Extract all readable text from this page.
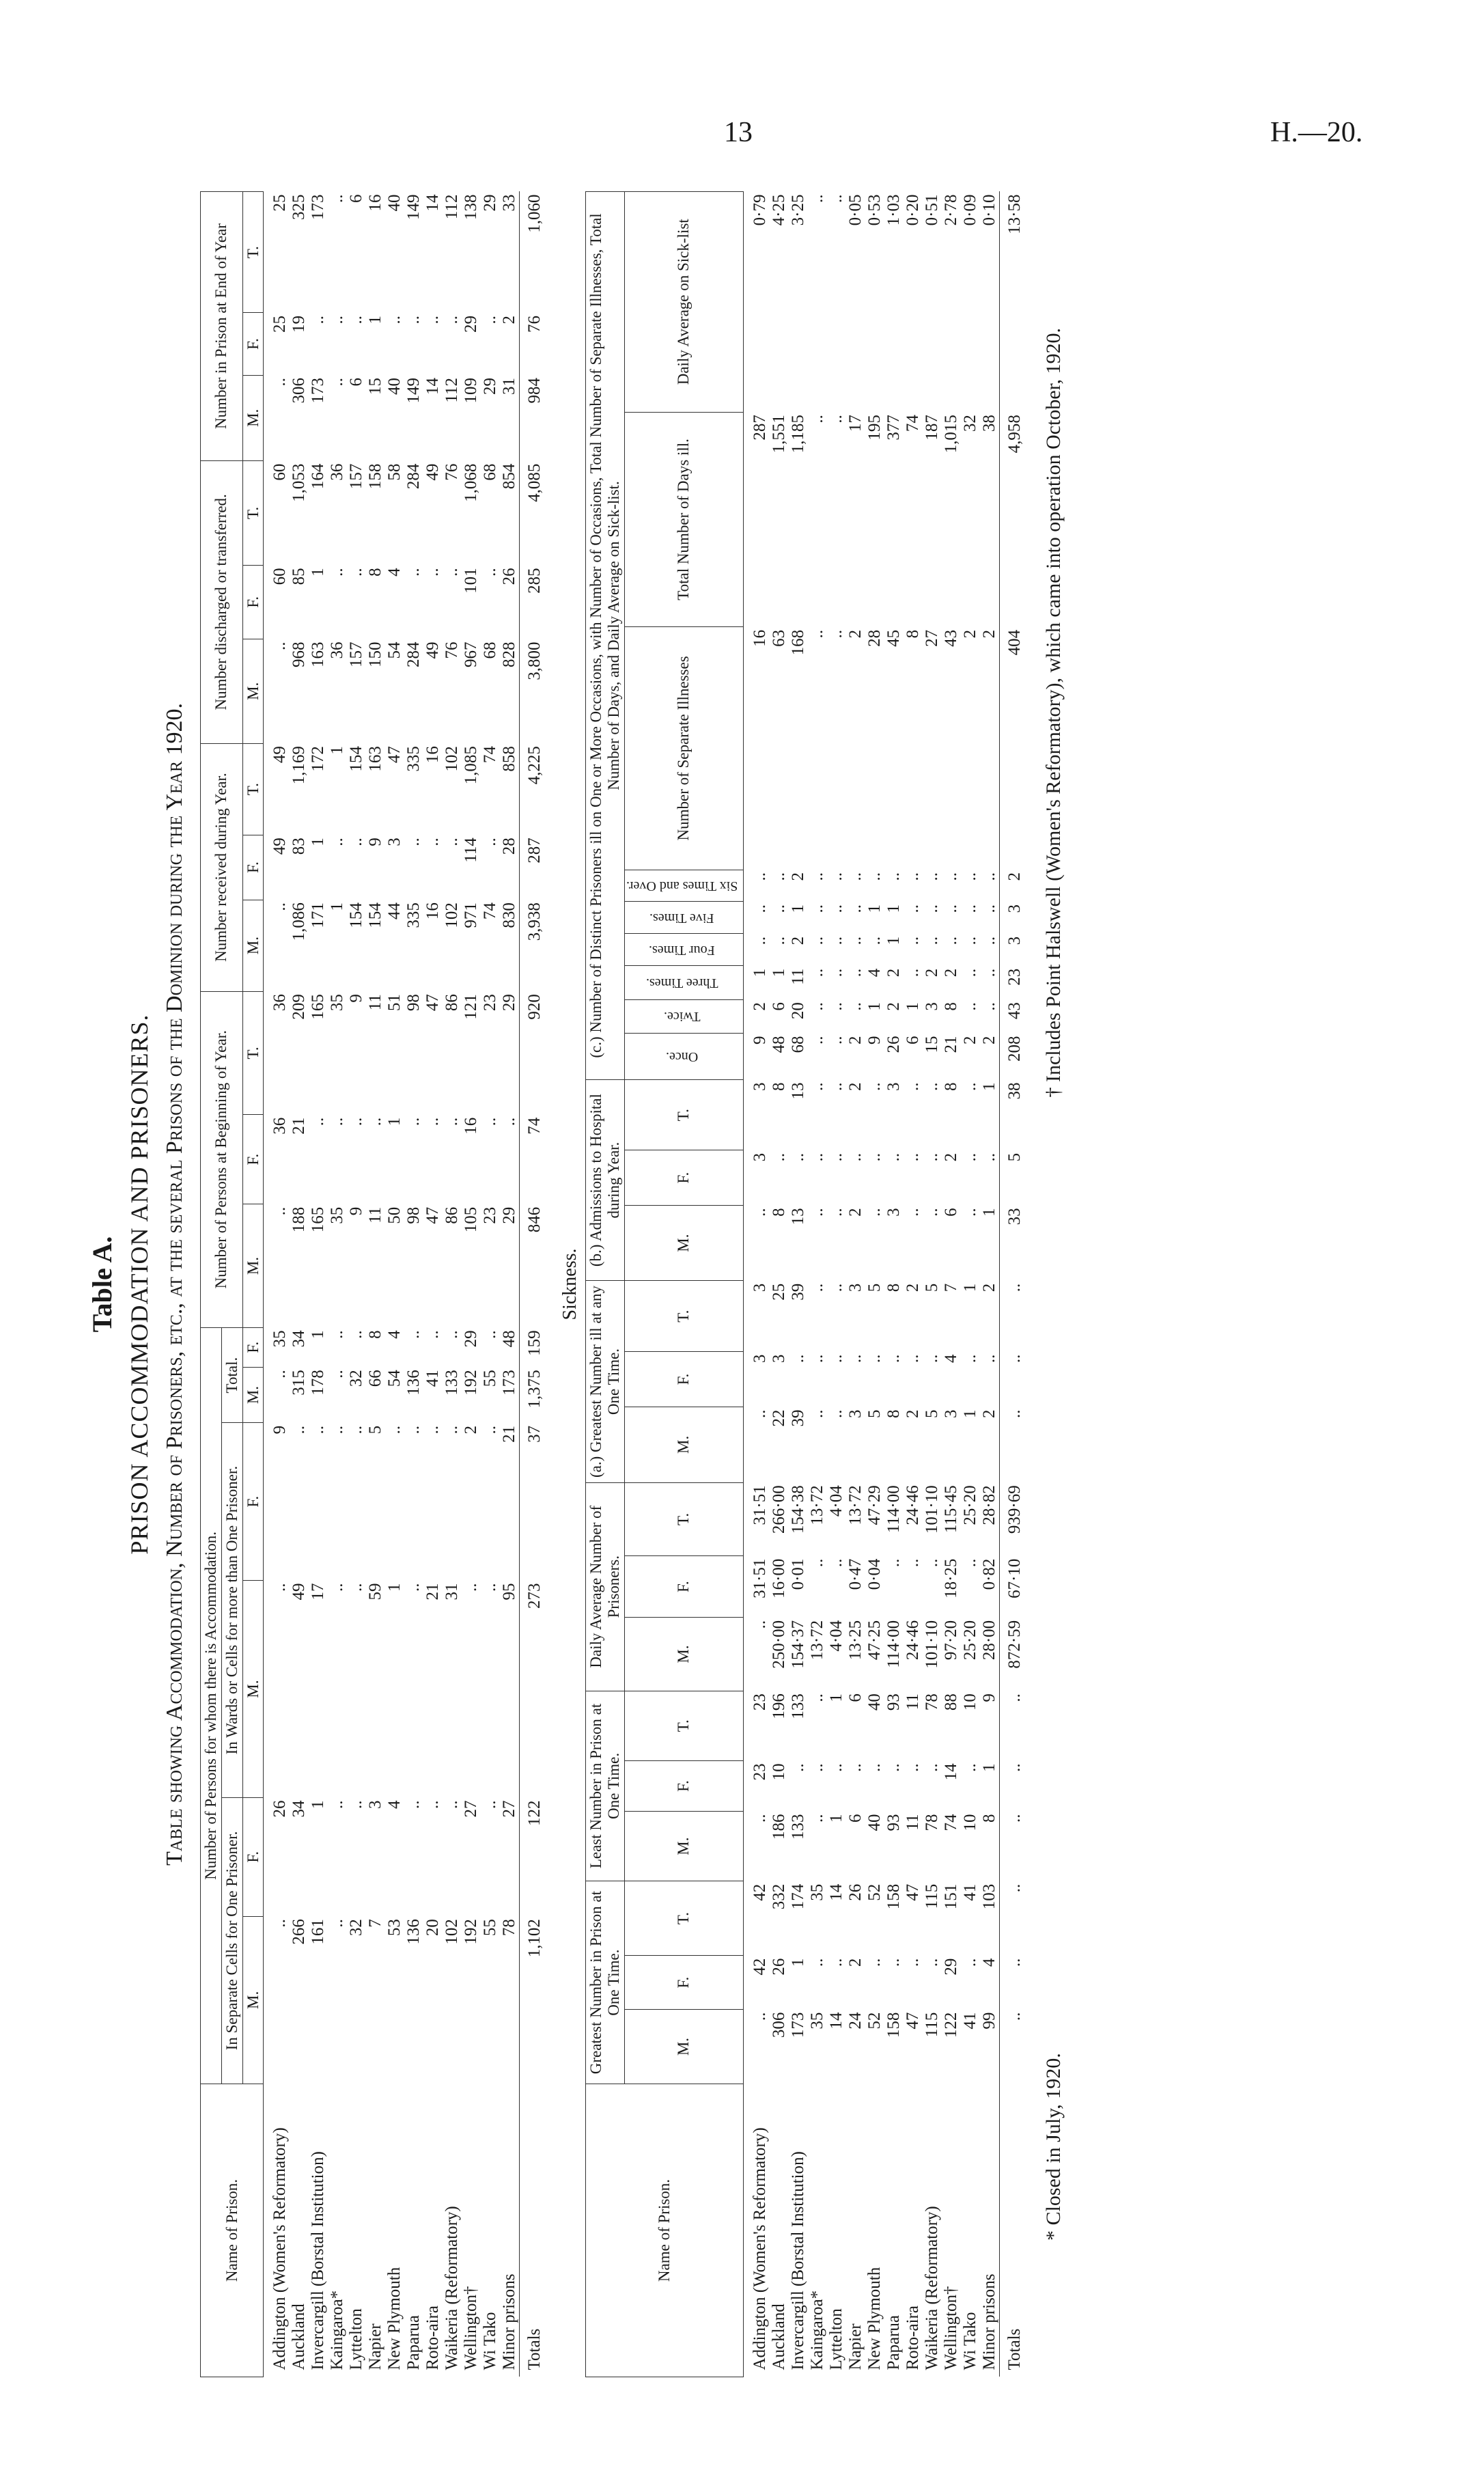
13	H.—20.
Table A. PRISON ACCOMMODATION AND PRISONERS. Table showing Accommodation, Number of Prisoners, etc., at the several Prisons of the Dominion during the Year 1920.
Name of Prison.	Number of Persons for whom there is Accommodation.						Number of Persons at Beginning of Year.			Number received during Year.			Number discharged or transferred.			Number in Prison at End of Year		
	In Separate Cells for One Prisoner.		In Wards or Cells for more than One Prisoner.		Total.													
	M.	F.	M.	F.	M.	F.	M.	F.	T.	M.	F.	T.	M.	F.	T.	M.	F.	T.
Addington (Women's Reformatory)	..	26	..	9	..	35	..	36	36	..	49	49	..	60	60	..	25	25
Auckland	266	34	49	..	315	34	188	21	209	1,086	83	1,169	968	85	1,053	306	19	325
Invercargill (Borstal Institution)	161	1	17	..	178	1	165	..	165	171	1	172	163	1	164	173	..	173
Kaingaroa*	..	..	..	..	..	..	35	..	35	1	..	1	36	..	36	..	..	..
Lyttelton	32	..	..	..	32	..	9	..	9	154	..	154	157	..	157	6	..	6
Napier	7	3	59	5	66	8	11	..	11	154	9	163	150	8	158	15	1	16
New Plymouth	53	4	1	..	54	4	50	1	51	44	3	47	54	4	58	40	..	40
Paparua	136	..	..	..	136	..	98	..	98	335	..	335	284	..	284	149	..	149
Roto-aira	20	..	21	..	41	..	47	..	47	16	..	16	49	..	49	14	..	14
Waikeria (Reformatory)	102	..	31	..	133	..	86	..	86	102	..	102	76	..	76	112	..	112
Wellington†	192	27	..	2	192	29	105	16	121	971	114	1,085	967	101	1,068	109	29	138
Wi Tako	55	..	..	..	55	..	23	..	23	74	..	74	68	..	68	29	..	29
Minor prisons	78	27	95	21	173	48	29	..	29	830	28	858	828	26	854	31	2	33
Totals	1,102	122	273	37	1,375	159	846	74	920	3,938	287	4,225	3,800	285	4,085	984	76	1,060
Sickness.
Name of Prison.	Greatest Number in Prison at One Time.			Least Number in Prison at One Time.			Daily Average Number of Prisoners.			(a.) Greatest Number ill at any One Time.			(b.) Admissions to Hospital during Year.			(c.) Number of Distinct Prisoners ill on One or More Occasions, with Number of Occasions, Total Number of Separate Illnesses, Total Number of Days, and Daily Average on Sick-list.								
																Once.	Twice.	Three Times.	Four Times.	Five Times.	Six Times and Over.	Number of Separate Illnesses	Total Number of Days ill.	Daily Average on Sick-list
	M.	F.	T.	M.	F.	T.	M.	F.	T.	M.	F.	T.	M.	F.	T.									
Addington (Women's Reformatory)	..	42	42	..	23	23	..	31·51	31·51	..	3	3	..	3	3	9	2	1	..	..	..	16	287	0·79
Auckland	306	26	332	186	10	196	250·00	16·00	266·00	22	3	25	8	..	8	48	6	1	..	..	..	63	1,551	4·25
Invercargill (Borstal Institution)	173	1	174	133	..	133	154·37	0·01	154·38	39	..	39	13	..	13	68	20	11	2	1	2	168	1,185	3·25
Kaingaroa*	35	..	35	..	..	..	13·72	..	13·72	..	..	..	..	..	..	..	..	..	..	..	..	..	..	..
Lyttelton	14	..	14	1	..	1	4·04	..	4·04	..	..	..	..	..	..	..	..	..	..	..	..	..	..	..
Napier	24	2	26	6	..	6	13·25	0·47	13·72	3	..	3	2	..	2	2	..	..	..	..	..	2	17	0·05
New Plymouth	52	..	52	40	..	40	47·25	0·04	47·29	5	..	5	..	..	..	9	1	4	..	1	..	28	195	0·53
Paparua	158	..	158	93	..	93	114·00	..	114·00	8	..	8	3	..	3	26	2	2	1	1	..	45	377	1·03
Roto-aira	47	..	47	11	..	11	24·46	..	24·46	2	..	2	..	..	..	6	1	..	..	..	..	8	74	0·20
Waikeria (Reformatory)	115	..	115	78	..	78	101·10	..	101·10	5	..	5	..	..	..	15	3	2	..	..	..	27	187	0·51
Wellington†	122	29	151	74	14	88	97·20	18·25	115·45	3	4	7	6	2	8	21	8	2	..	..	..	43	1,015	2·78
Wi Tako	41	..	41	10	..	10	25·20	..	25·20	1	..	1	..	..	..	2	..	..	..	..	..	2	32	0·09
Minor prisons	99	4	103	8	1	9	28·00	0·82	28·82	2	..	2	1	..	1	2	..	..	..	..	..	2	38	0·10
Totals	..	..	..	..	..	..	872·59	67·10	939·69	..	..	..	33	5	38	208	43	23	3	3	2	404	4,958	13·58
* Closed in July, 1920.
† Includes Point Halswell (Women's Reformatory), which came into operation October, 1920.
